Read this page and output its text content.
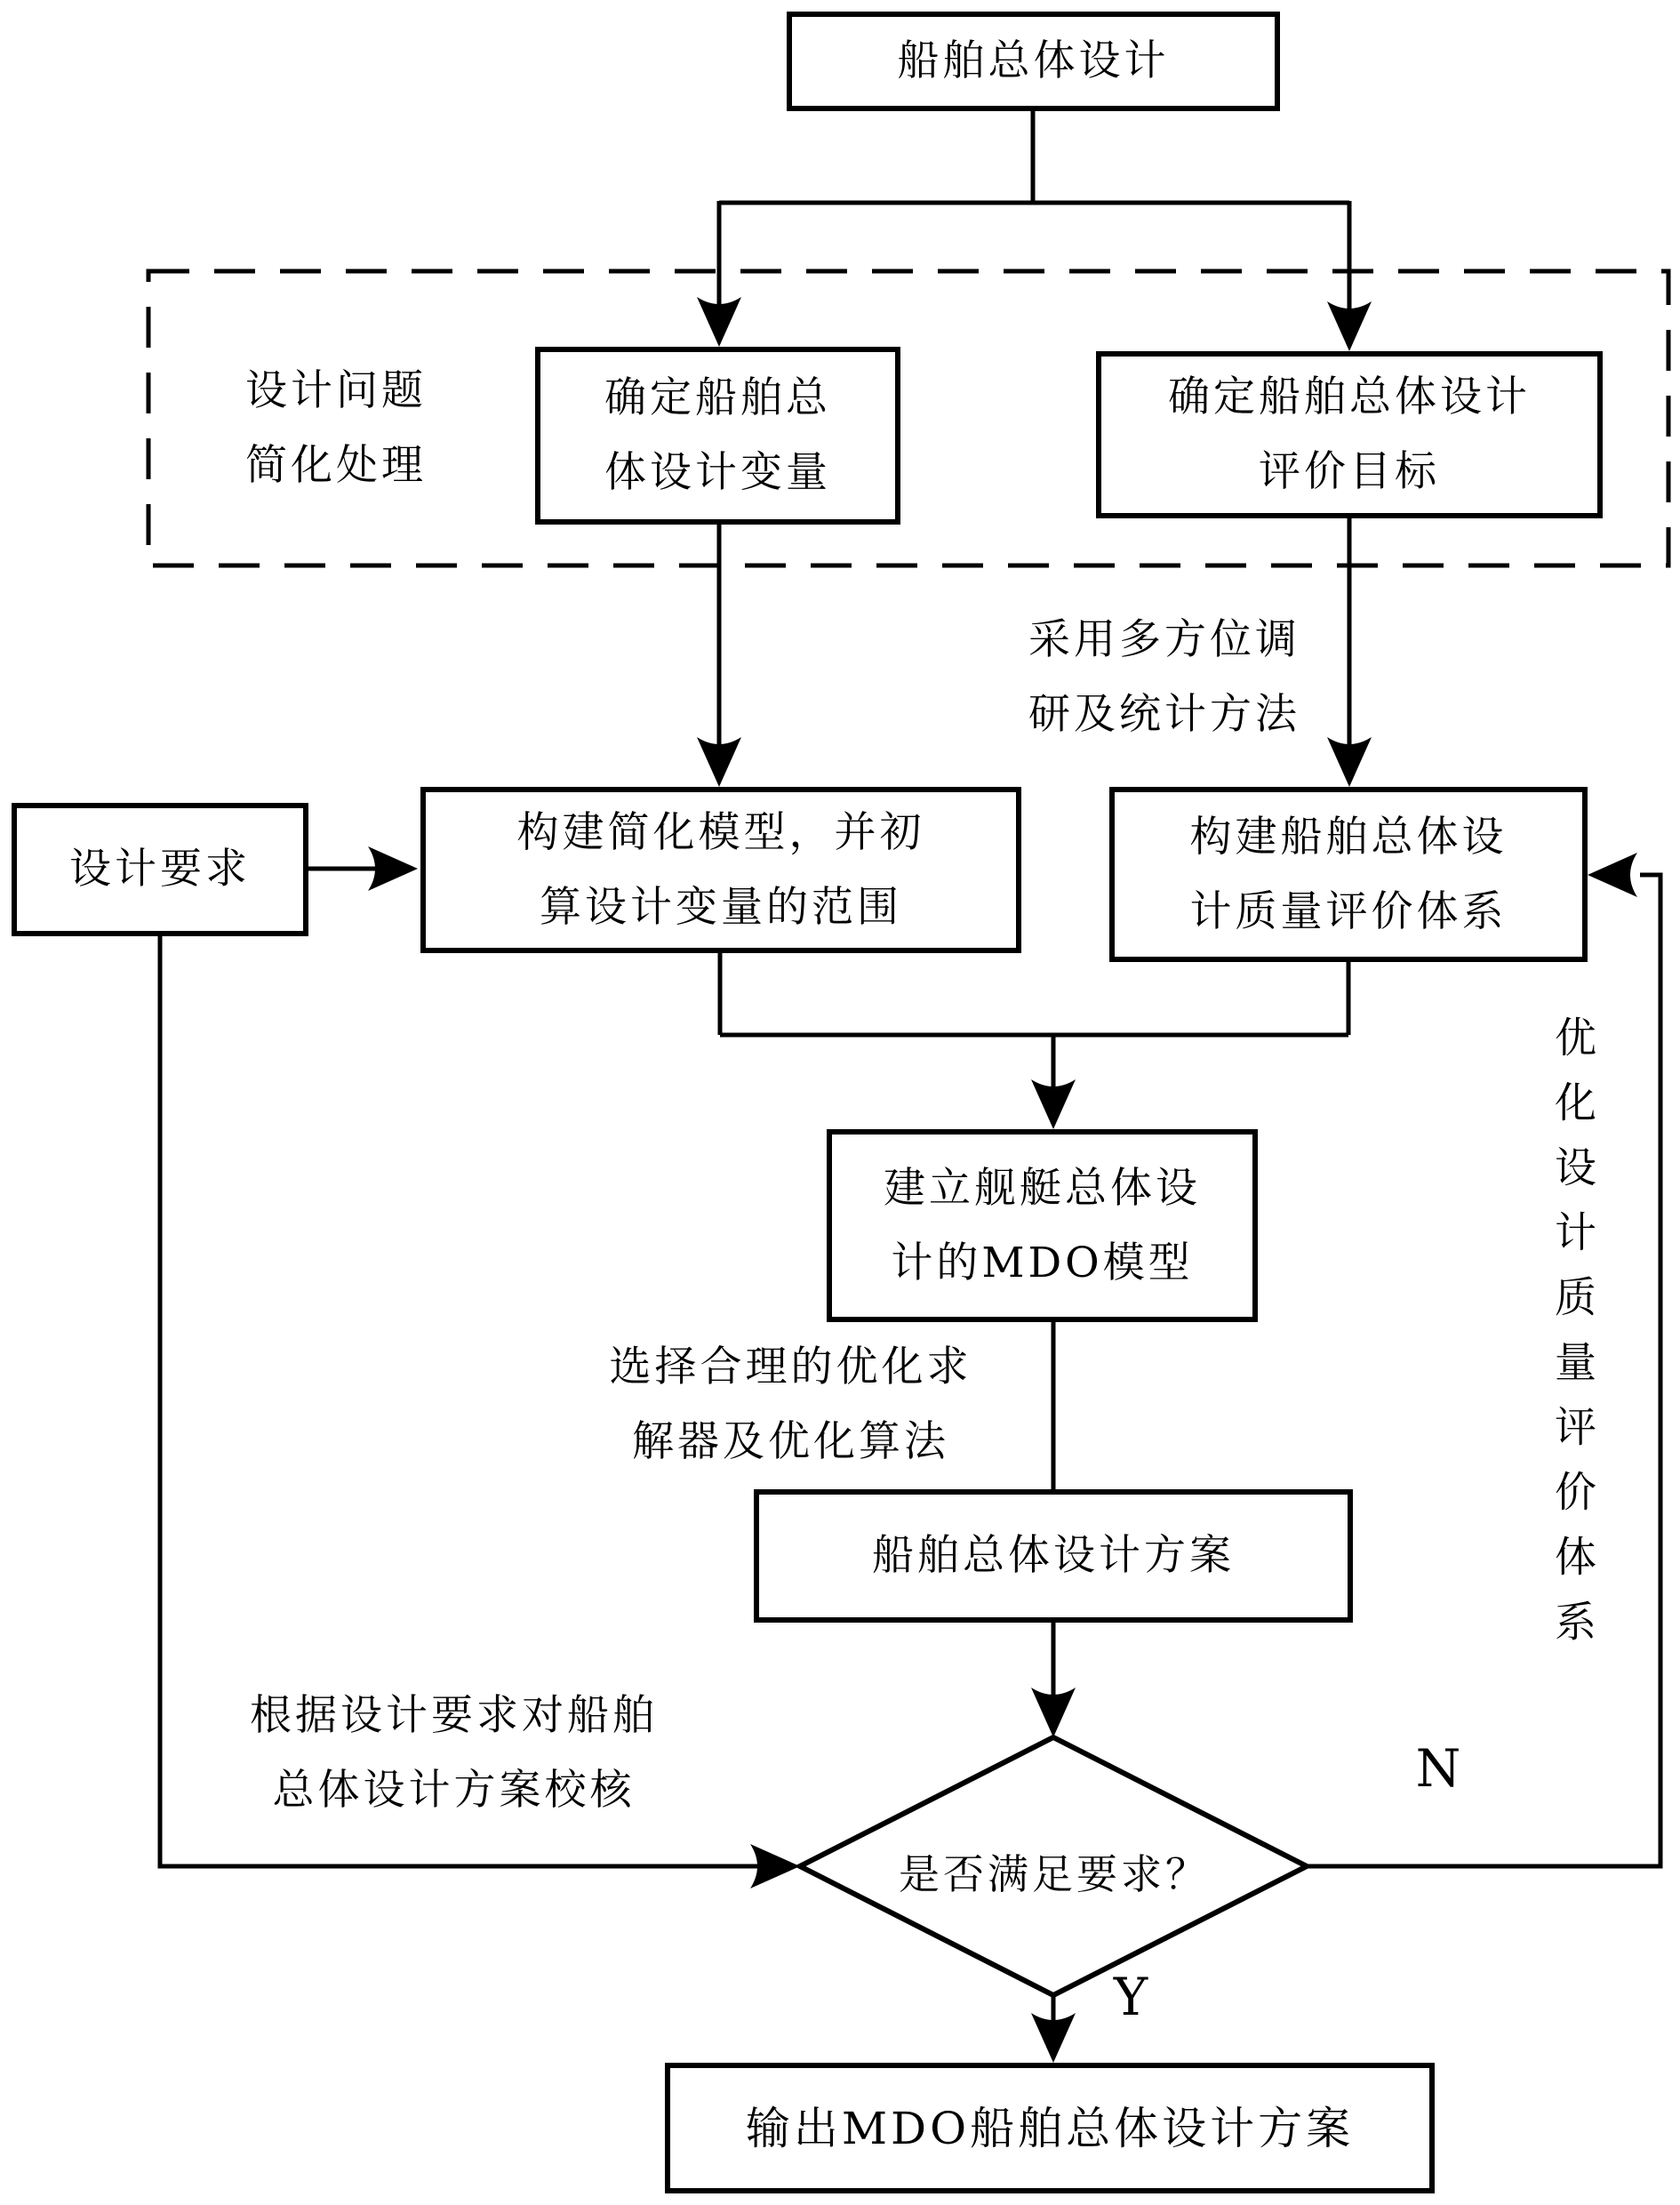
船舶总体设计
确定船舶总
体设计变量
确定船舶总体设计
评价目标
设计要求
构建简化模型，并初
算设计变量的范围
构建船舶总体设
计质量评价体系
建立舰艇总体设
计的MDO模型
船舶总体设计方案
输出MDO船舶总体设计方案
是否满足要求？
设计问题
简化处理
采用多方位调
研及统计方法
选择合理的优化求
解器及优化算法
根据设计要求对船舶
总体设计方案校核
优化设计质量评价体系
N
Y
